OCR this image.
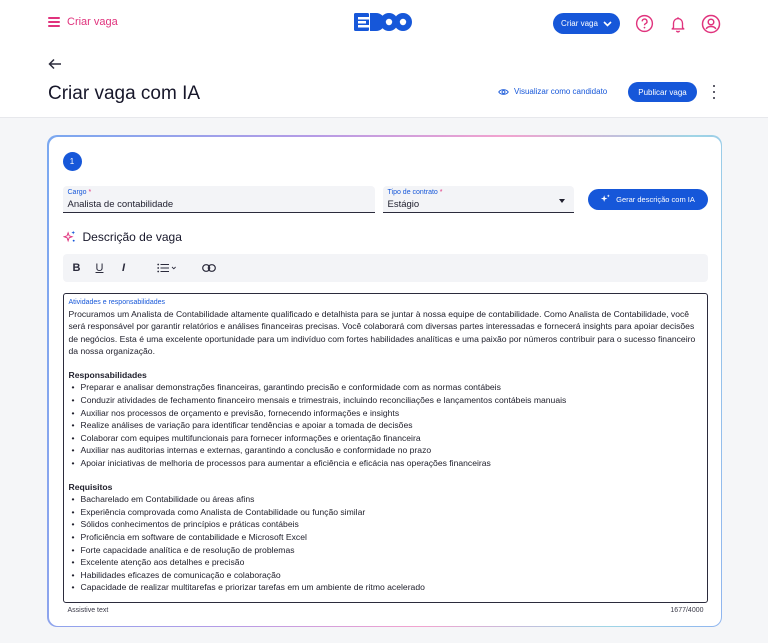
Criar vaga	Criar vaga
Criar vaga com IA	Visualizar como candidato	Publicar vaga
1
Cargo *
Analista de contabilidade
Tipo de contrato *
Estágio	Gerar descrição com IA
Descrição de vaga
B U	I
Atividades e responsabilidades

Procuramos um Analista de Contabilidade altamente qualificado e detalhista para se juntar à nossa equipe de contabilidade. Como Analista de Contabilidade, você será responsável por garantir relatórios e análises financeiras precisas. Você colaborará com diversas partes interessadas e fornecerá insights para apoiar decisões de negócios. Esta é uma excelente oportunidade para um indivíduo com fortes habilidades analíticas e uma paixão por números contribuir para o sucesso financeiro da nossa organização.

Responsabilidades

• Preparar e analisar demonstrações financeiras, garantindo precisão e conformidade com as normas contábeis
• Conduzir atividades de fechamento financeiro mensais e trimestrais, incluindo reconciliações e lançamentos contábeis manuais
• Auxiliar nos processos de orçamento e previsão, fornecendo informações e insights
• Realize análises de variação para identificar tendências e apoiar a tomada de decisões
• Colaborar com equipes multifuncionais para fornecer informações e orientação financeira
• Auxiliar nas auditorias internas e externas, garantindo a conclusão e conformidade no prazo
• Apoiar iniciativas de melhoria de processos para aumentar a eficiência e eficácia nas operações financeiras

Requisitos

• Bacharelado em Contabilidade ou áreas afins
• Experiência comprovada como Analista de Contabilidade ou função similar
• Sólidos conhecimentos de princípios e práticas contábeis
• Proficiência em software de contabilidade e Microsoft Excel
• Forte capacidade analítica e de resolução de problemas
• Excelente atenção aos detalhes e precisão
• Habilidades eficazes de comunicação e colaboração
• Capacidade de realizar multitarefas e priorizar tarefas em um ambiente de ritmo acelerado
Assistive text	1677/4000
